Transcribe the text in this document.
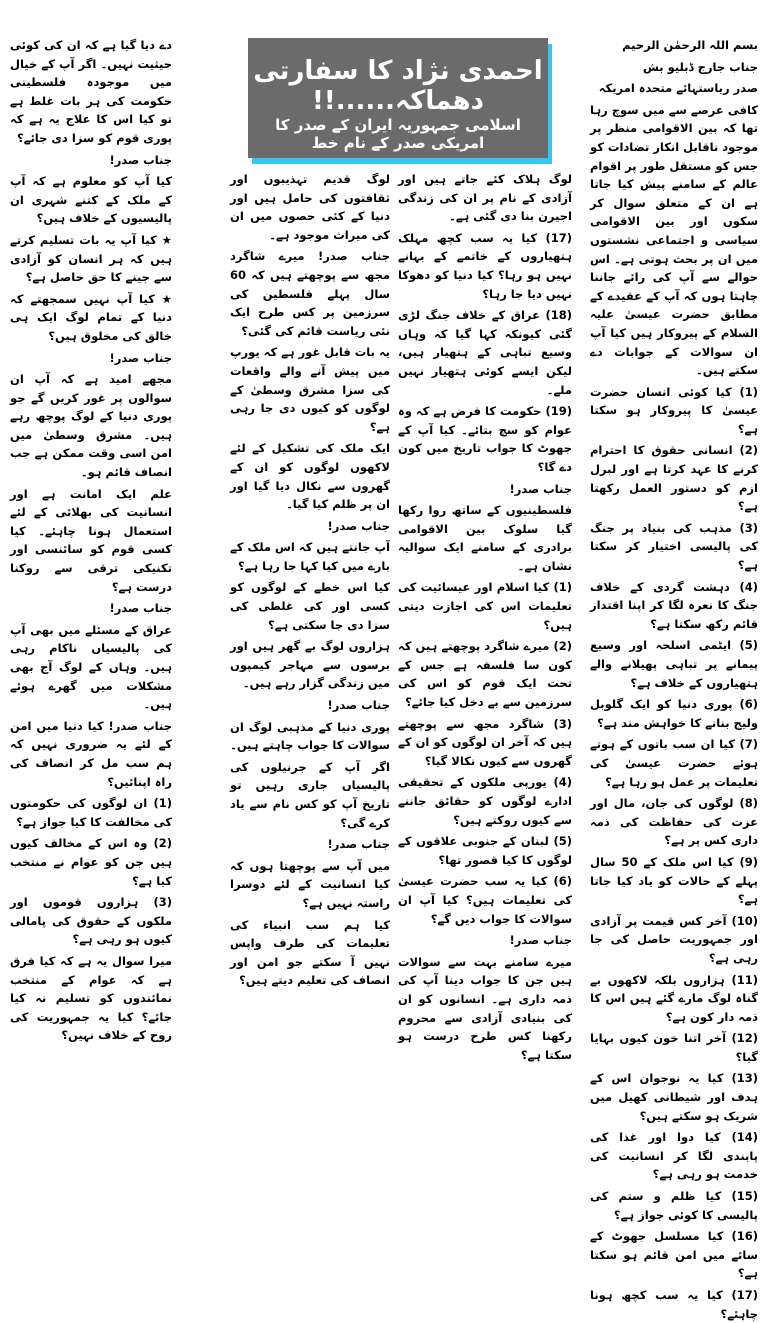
احمدی نژاد کا سفارتی دھماکہ......!!
اسلامی جمہوریہ ایران کے صدر کا امریکی صدر کے نام خط

بسم اللہ الرحمٰن الرحیم

جناب جارج ڈبلیو بش

صدر ریاستہائے متحدہ امریکہ

کافی عرصے سے میں سوچ رہا تھا کہ بین الاقوامی منظر پر موجود ناقابل انکار تضادات کو جس کو مستقل طور پر اقوام عالم کے سامنے پیش کیا جاتا ہے ان کے متعلق سوال کر سکوں اور بین الاقوامی سیاسی و اجتماعی نشستوں میں ان پر بحث ہوتی ہے۔ اس حوالے سے آپ کی رائے جاننا چاہتا ہوں کہ آپ کے عقیدے کے مطابق حضرت عیسیٰ علیہ السلام کے پیروکار ہیں کیا آپ ان سوالات کے جوابات دے سکتے ہیں۔

(1) کیا کوئی انسان حضرت عیسیٰ کا پیروکار ہو سکتا ہے؟

(2) انسانی حقوق کا احترام کرنے کا عہد کرتا ہے اور لبرل ازم کو دستور العمل رکھتا ہے؟

(3) مذہب کی بنیاد پر جنگ کی پالیسی اختیار کر سکتا ہے؟

(4) دہشت گردی کے خلاف جنگ کا نعرہ لگا کر اپنا اقتدار قائم رکھ سکتا ہے؟

(5) ایٹمی اسلحہ اور وسیع پیمانے پر تباہی پھیلانے والے ہتھیاروں کے خلاف ہے؟

(6) پوری دنیا کو ایک گلوبل ولیج بنانے کا خواہش مند ہے؟

(7) کیا ان سب باتوں کے ہوتے ہوئے حضرت عیسیٰ کی تعلیمات پر عمل ہو رہا ہے؟

(8) لوگوں کی جان، مال اور عزت کی حفاظت کی ذمہ داری کس پر ہے؟

(9) کیا اس ملک کے 50 سال پہلے کے حالات کو یاد کیا جاتا ہے؟

(10) آخر کس قیمت پر آزادی اور جمہوریت حاصل کی جا رہی ہے؟

(11) ہزاروں بلکہ لاکھوں بے گناہ لوگ مارے گئے ہیں اس کا ذمہ دار کون ہے؟

(12) آخر اتنا خون کیوں بہایا گیا؟

(13) کیا یہ نوجوان اس کے ہدف اور شیطانی کھیل میں شریک ہو سکتے ہیں؟

(14) کیا دوا اور غذا کی پابندی لگا کر انسانیت کی خدمت ہو رہی ہے؟

(15) کیا ظلم و ستم کی پالیسی کا کوئی جواز ہے؟

(16) کیا مسلسل جھوٹ کے سائے میں امن قائم ہو سکتا ہے؟

(17) کیا یہ سب کچھ ہونا چاہئے؟

لوگ ہلاک کئے جاتے ہیں اور آزادی کے نام پر ان کی زندگی اجیرن بنا دی گئی ہے۔

(17) کیا یہ سب کچھ مہلک ہتھیاروں کے خاتمے کے بہانے نہیں ہو رہا؟ کیا دنیا کو دھوکا نہیں دیا جا رہا؟

(18) عراق کے خلاف جنگ لڑی گئی کیونکہ کہا گیا کہ وہاں وسیع تباہی کے ہتھیار ہیں، لیکن ایسے کوئی ہتھیار نہیں ملے۔

(19) حکومت کا فرض ہے کہ وہ عوام کو سچ بتائے۔ کیا آپ کے جھوٹ کا جواب تاریخ میں کون دے گا؟

جناب صدر!

فلسطینیوں کے ساتھ روا رکھا گیا سلوک بین الاقوامی برادری کے سامنے ایک سوالیہ نشان ہے۔

(1) کیا اسلام اور عیسائیت کی تعلیمات اس کی اجازت دیتی ہیں؟

(2) میرے شاگرد پوچھتے ہیں کہ کون سا فلسفہ ہے جس کے تحت ایک قوم کو اس کی سرزمین سے بے دخل کیا جائے؟

(3) شاگرد مجھ سے پوچھتے ہیں کہ آخر ان لوگوں کو ان کے گھروں سے کیوں نکالا گیا؟

(4) یورپی ملکوں کے تحقیقی ادارے لوگوں کو حقائق جاننے سے کیوں روکتے ہیں؟

(5) لبنان کے جنوبی علاقوں کے لوگوں کا کیا قصور تھا؟

(6) کیا یہ سب حضرت عیسیٰ کی تعلیمات ہیں؟ کیا آپ ان سوالات کا جواب دیں گے؟

جناب صدر!

میرے سامنے بہت سے سوالات ہیں جن کا جواب دینا آپ کی ذمہ داری ہے۔ انسانوں کو ان کی بنیادی آزادی سے محروم رکھنا کس طرح درست ہو سکتا ہے؟

لوگ قدیم تہذیبوں اور ثقافتوں کی حامل ہیں اور دنیا کے کئی حصوں میں ان کی میراث موجود ہے۔

جناب صدر! میرے شاگرد مجھ سے پوچھتے ہیں کہ 60 سال پہلے فلسطین کی سرزمین پر کس طرح ایک نئی ریاست قائم کی گئی؟

یہ بات قابل غور ہے کہ یورپ میں پیش آنے والے واقعات کی سزا مشرق وسطیٰ کے لوگوں کو کیوں دی جا رہی ہے؟

ایک ملک کی تشکیل کے لئے لاکھوں لوگوں کو ان کے گھروں سے نکال دیا گیا اور ان پر ظلم کیا گیا۔

جناب صدر!

آپ جانتے ہیں کہ اس ملک کے بارے میں کیا کہا جا رہا ہے؟

کیا اس خطے کے لوگوں کو کسی اور کی غلطی کی سزا دی جا سکتی ہے؟

ہزاروں لوگ بے گھر ہیں اور برسوں سے مہاجر کیمپوں میں زندگی گزار رہے ہیں۔

جناب صدر!

پوری دنیا کے مذہبی لوگ ان سوالات کا جواب چاہتے ہیں۔

اگر آپ کے جرنیلوں کی پالیسیاں جاری رہیں تو تاریخ آپ کو کس نام سے یاد کرے گی؟

جناب صدر!

میں آپ سے پوچھتا ہوں کہ کیا انسانیت کے لئے دوسرا راستہ نہیں ہے؟

کیا ہم سب انبیاء کی تعلیمات کی طرف واپس نہیں آ سکتے جو امن اور انصاف کی تعلیم دیتے ہیں؟

دے دیا گیا ہے کہ ان کی کوئی حیثیت نہیں۔ اگر آپ کے خیال میں موجودہ فلسطینی حکومت کی ہر بات غلط ہے تو کیا اس کا علاج یہ ہے کہ پوری قوم کو سزا دی جائے؟

جناب صدر!

کیا آپ کو معلوم ہے کہ آپ کے ملک کے کتنے شہری ان پالیسیوں کے خلاف ہیں؟

★ کیا آپ یہ بات تسلیم کرتے ہیں کہ ہر انسان کو آزادی سے جینے کا حق حاصل ہے؟

★ کیا آپ نہیں سمجھتے کہ دنیا کے تمام لوگ ایک ہی خالق کی مخلوق ہیں؟

جناب صدر!

مجھے امید ہے کہ آپ ان سوالوں پر غور کریں گے جو پوری دنیا کے لوگ پوچھ رہے ہیں۔ مشرق وسطیٰ میں امن اسی وقت ممکن ہے جب انصاف قائم ہو۔

علم ایک امانت ہے اور انسانیت کی بھلائی کے لئے استعمال ہونا چاہئے۔ کیا کسی قوم کو سائنسی اور تکنیکی ترقی سے روکنا درست ہے؟

جناب صدر!

عراق کے مسئلے میں بھی آپ کی پالیسیاں ناکام رہی ہیں۔ وہاں کے لوگ آج بھی مشکلات میں گھرے ہوئے ہیں۔

جناب صدر! کیا دنیا میں امن کے لئے یہ ضروری نہیں کہ ہم سب مل کر انصاف کی راہ اپنائیں؟

(1) ان لوگوں کی حکومتوں کی مخالفت کا کیا جواز ہے؟

(2) وہ اس کے مخالف کیوں ہیں جن کو عوام نے منتخب کیا ہے؟

(3) ہزاروں قوموں اور ملکوں کے حقوق کی پامالی کیوں ہو رہی ہے؟

میرا سوال یہ ہے کہ کیا فرق ہے کہ عوام کے منتخب نمائندوں کو تسلیم نہ کیا جائے؟ کیا یہ جمہوریت کی روح کے خلاف نہیں؟
